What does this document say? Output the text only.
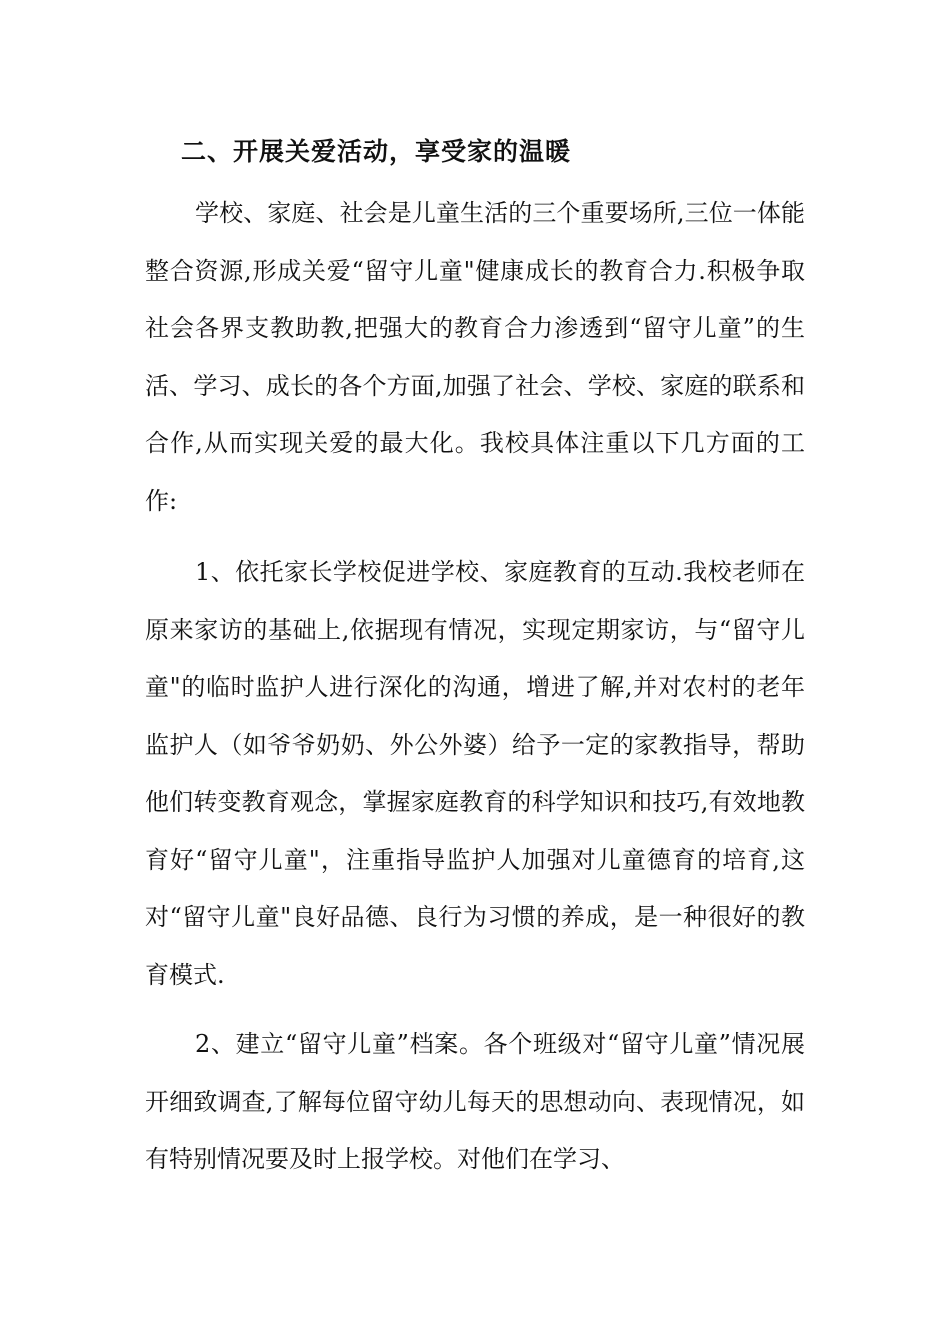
二、开展关爱活动，享受家的温暖

学校、家庭、社会是儿童生活的三个重要场所,三位一体能整合资源,形成关爱“留守儿童"健康成长的教育合力.积极争取社会各界支教助教,把强大的教育合力渗透到“留守儿童”的生活、学习、成长的各个方面,加强了社会、学校、家庭的联系和合作,从而实现关爱的最大化。我校具体注重以下几方面的工作:

1、依托家长学校促进学校、家庭教育的互动.我校老师在原来家访的基础上,依据现有情况，实现定期家访，与“留守儿童"的临时监护人进行深化的沟通，增进了解,并对农村的老年监护人（如爷爷奶奶、外公外婆）给予一定的家教指导，帮助他们转变教育观念，掌握家庭教育的科学知识和技巧,有效地教育好“留守儿童"，注重指导监护人加强对儿童德育的培育,这对“留守儿童"良好品德、良行为习惯的养成，是一种很好的教育模式.

2、建立“留守儿童”档案。各个班级对“留守儿童”情况展开细致调查,了解每位留守幼儿每天的思想动向、表现情况，如有特别情况要及时上报学校。对他们在学习、
